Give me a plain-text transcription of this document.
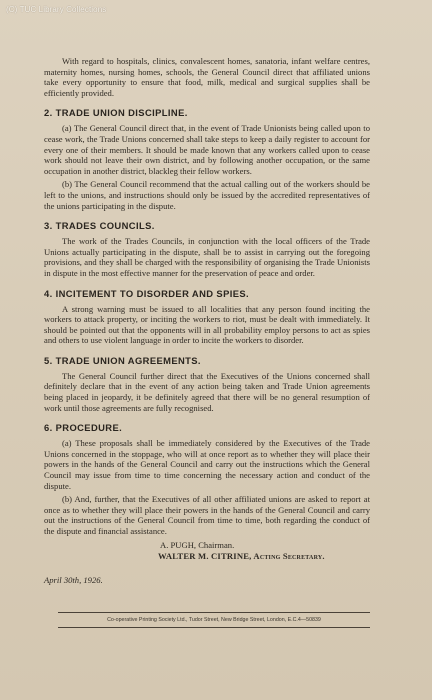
(C) TUC Library Collections

With regard to hospitals, clinics, convalescent homes, sanatoria, infant welfare centres, maternity homes, nursing homes, schools, the General Council direct that affiliated unions take every opportunity to ensure that food, milk, medical and surgical supplies shall be efficiently provided.

2. TRADE UNION DISCIPLINE.

(a) The General Council direct that, in the event of Trade Unionists being called upon to cease work, the Trade Unions concerned shall take steps to keep a daily register to account for every one of their members. It should be made known that any workers called upon to cease work should not leave their own district, and by following another occupation, or the same occupation in another district, blackleg their fellow workers.

(b) The General Council recommend that the actual calling out of the workers should be left to the unions, and instructions should only be issued by the accredited representatives of the unions participating in the dispute.

3. TRADES COUNCILS.

The work of the Trades Councils, in conjunction with the local officers of the Trade Unions actually participating in the dispute, shall be to assist in carrying out the foregoing provisions, and they shall be charged with the responsibility of organising the Trade Unionists in dispute in the most effective manner for the preservation of peace and order.

4. INCITEMENT TO DISORDER AND SPIES.

A strong warning must be issued to all localities that any person found inciting the workers to attack property, or inciting the workers to riot, must be dealt with immediately. It should be pointed out that the opponents will in all probability employ persons to act as spies and others to use violent language in order to incite the workers to disorder.

5. TRADE UNION AGREEMENTS.

The General Council further direct that the Executives of the Unions concerned shall definitely declare that in the event of any action being taken and Trade Union agreements being placed in jeopardy, it be definitely agreed that there will be no general resumption of work until those agreements are fully recognised.

6. PROCEDURE.

(a) These proposals shall be immediately considered by the Executives of the Trade Unions concerned in the stoppage, who will at once report as to whether they will place their powers in the hands of the General Council and carry out the instructions which the General Council may issue from time to time concerning the necessary action and conduct of the dispute.

(b) And, further, that the Executives of all other affiliated unions are asked to report at once as to whether they will place their powers in the hands of the General Council and carry out the instructions of the General Council from time to time, both regarding the conduct of the dispute and financial assistance.

A. PUGH, Chairman.
WALTER M. CITRINE, Acting Secretary.
April 30th, 1926.
Co-operative Printing Society Ltd., Tudor Street, New Bridge Street, London, E.C.4—50839
